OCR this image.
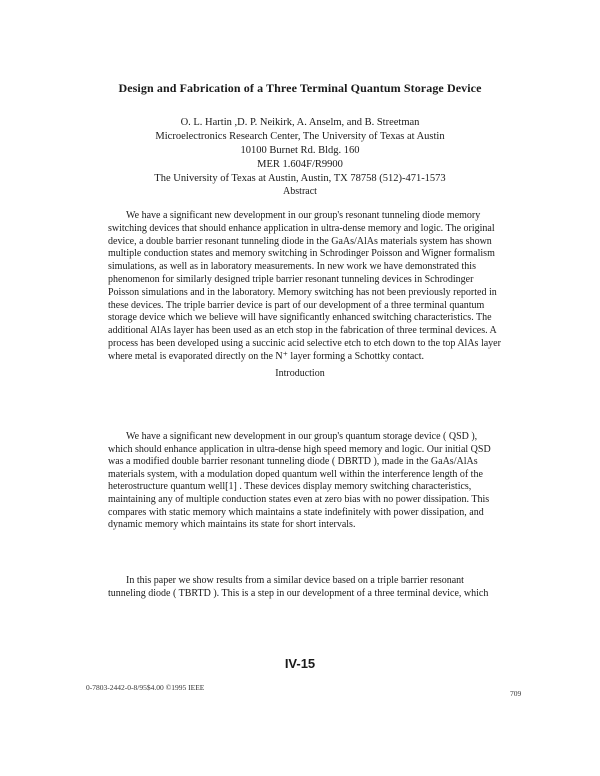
Design and Fabrication of a Three Terminal Quantum Storage Device
O. L. Hartin ,D. P. Neikirk, A. Anselm, and B. Streetman
Microelectronics Research Center, The University of Texas at Austin
10100 Burnet Rd. Bldg. 160
MER 1.604F/R9900
The University of Texas at Austin, Austin, TX 78758 (512)-471-1573
Abstract
We have a significant new development in our group's resonant tunneling diode memory
switching devices that should enhance application in ultra-dense memory and logic. The original
device, a double barrier resonant tunneling diode in the GaAs/AlAs materials system has shown
multiple conduction states and memory switching in Schrodinger Poisson and Wigner formalism
simulations, as well as in laboratory measurements. In new work we have demonstrated this
phenomenon for similarly designed triple barrier resonant tunneling devices in Schrodinger
Poisson simulations and in the laboratory. Memory switching has not been previously reported in
these devices. The triple barrier device is part of our development of a three terminal quantum
storage device which we believe will have significantly enhanced switching characteristics. The
additional AlAs layer has been used as an etch stop in the fabrication of three terminal devices. A
process has been developed using a succinic acid selective etch to etch down to the top AlAs layer
where metal is evaporated directly on the N⁺ layer forming a Schottky contact.
Introduction
We have a significant new development in our group's quantum storage device ( QSD ),
which should enhance application in ultra-dense high speed memory and logic. Our initial QSD
was a modified double barrier resonant tunneling diode ( DBRTD ), made in the GaAs/AlAs
materials system, with a modulation doped quantum well within the interference length of the
heterostructure quantum well[1] . These devices display memory switching characteristics,
maintaining any of multiple conduction states even at zero bias with no power dissipation. This
compares with static memory which maintains a state indefinitely with power dissipation, and
dynamic memory which maintains its state for short intervals.
In this paper we show results from a similar device based on a triple barrier resonant
tunneling diode ( TBRTD ). This is a step in our development of a three terminal device, which
IV-15
0-7803-2442-0-8/95$4.00 ©1995 IEEE
709
